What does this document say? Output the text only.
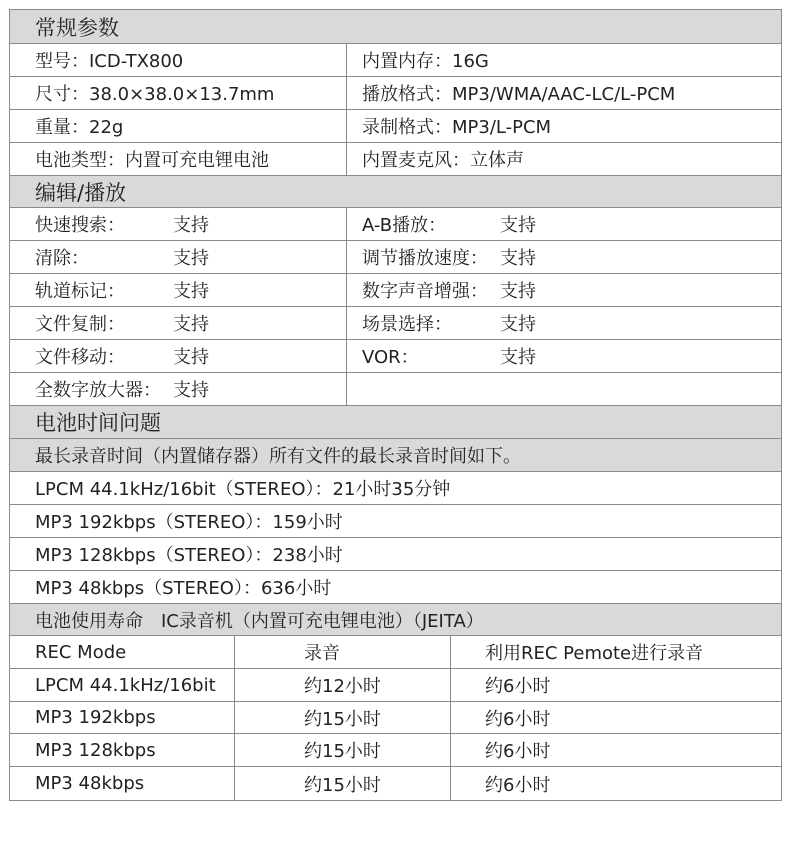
常规参数
型号：ICD-TX800	内置内存：16G
尺寸：38.0×38.0×13.7mm	播放格式：MP3/WMA/AAC-LC/L-PCM
重量：22g	录制格式：MP3/L-PCM
电池类型：内置可充电锂电池	内置麦克风：立体声
编辑/播放
快速搜索：	支持	A-B播放：	支持
清除：	支持	调节播放速度： 支持
轨道标记：	支持	数字声音增强： 支持
文件复制：	支持	场景选择：	支持
文件移动：	支持	VOR：	支持
全数字放大器： 支持
电池时间问题
最长录音时间（内置储存器）所有文件的最长录音时间如下。
LPCM 44.1kHz/16bit（STEREO）：21小时35分钟
MP3 192kbps（STEREO）：159小时
MP3 128kbps（STEREO）：238小时
MP3 48kbps（STEREO）：636小时
电池使用寿命　IC录音机（内置可充电锂电池）（JEITA）
REC Mode	录音	利用REC Pemote进行录音
LPCM 44.1kHz/16bit	约12小时	约6小时
MP3 192kbps	约15小时	约6小时
MP3 128kbps	约15小时	约6小时
MP3 48kbps	约15小时	约6小时
